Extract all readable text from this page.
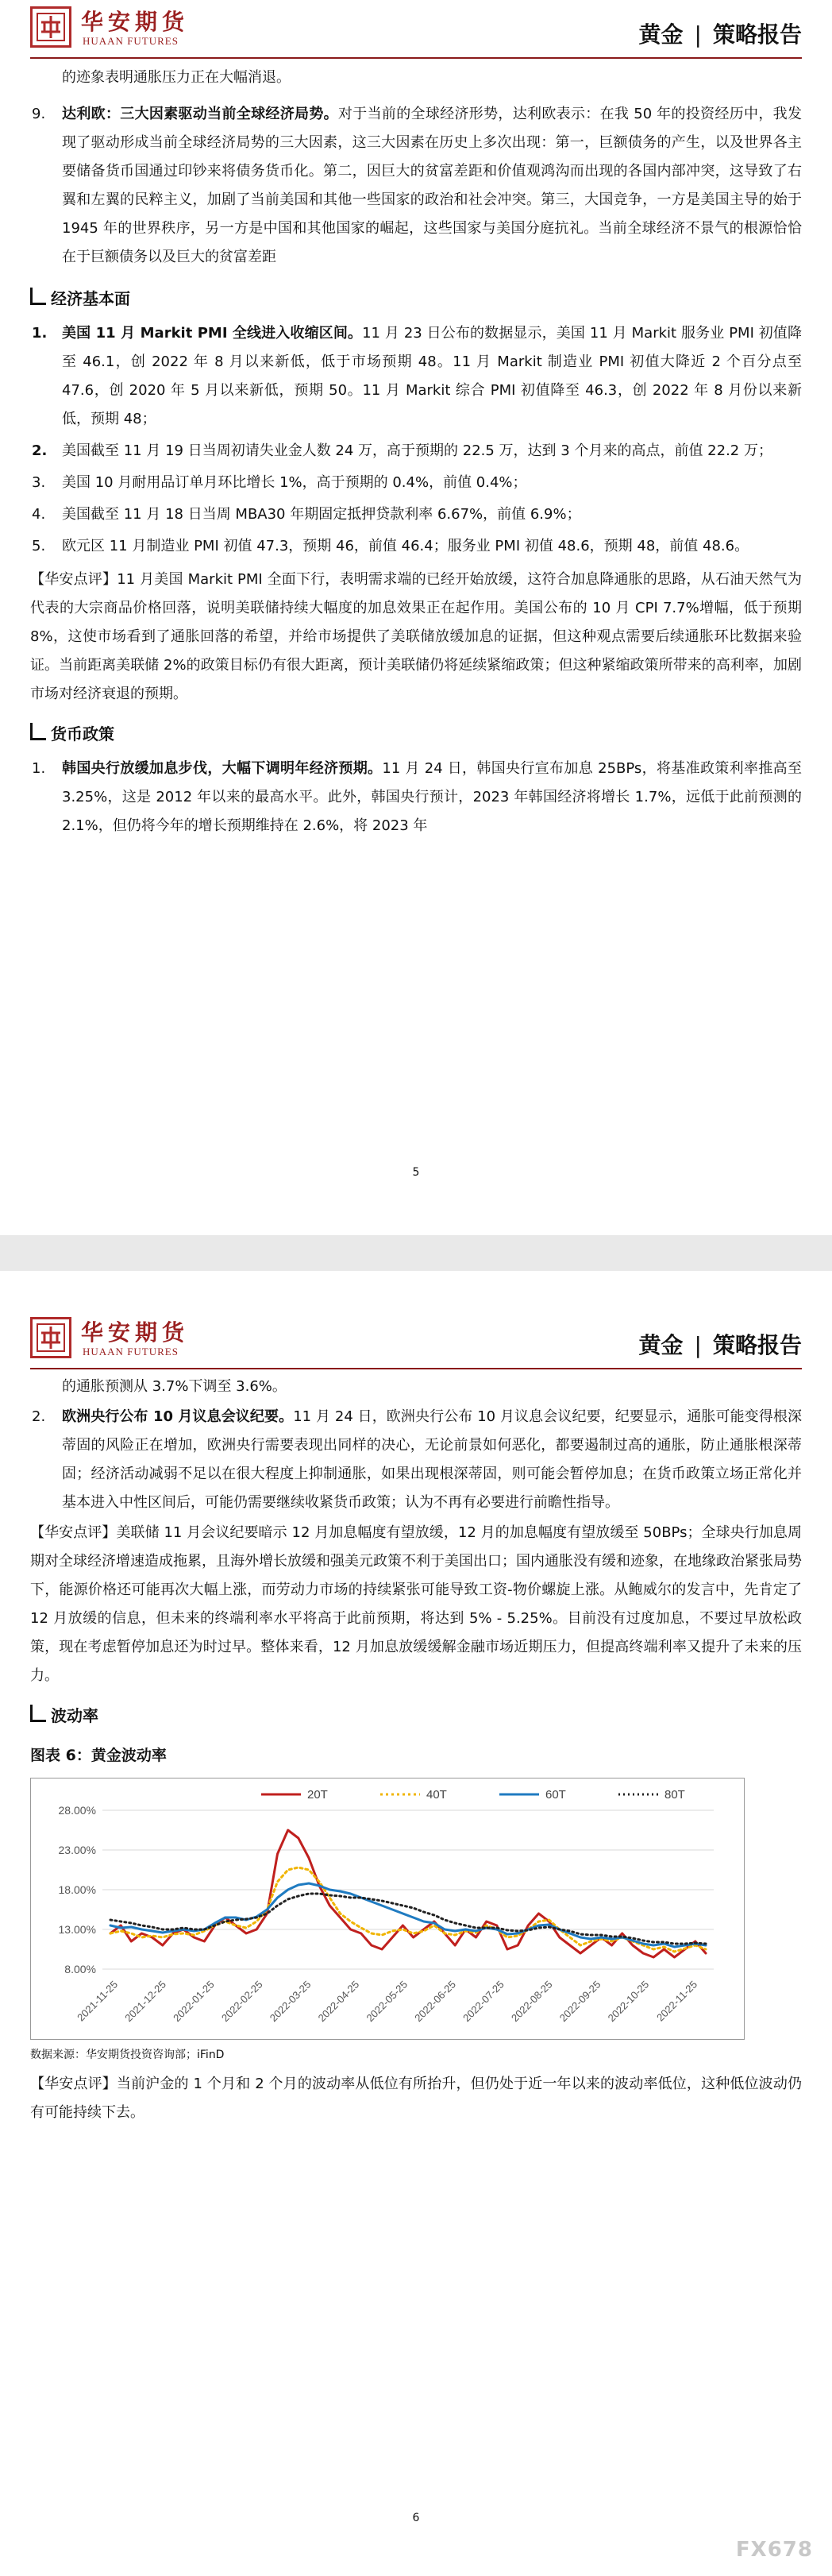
华安期货
HUAAN FUTURES	黄金 | 策略报告

的迹象表明通胀压力正在大幅消退。

9.	达利欧：三大因素驱动当前全球经济局势。对于当前的全球经济形势，达利欧表示：在我 50 年的投资经历中，我发现了驱动形成当前全球经济局势的三大因素，这三大因素在历史上多次出现：第一，巨额债务的产生，以及世界各主要储备货币国通过印钞来将债务货币化。第二，因巨大的贫富差距和价值观鸿沟而出现的各国内部冲突，这导致了右翼和左翼的民粹主义，加剧了当前美国和其他一些国家的政治和社会冲突。第三，大国竞争，一方是美国主导的始于 1945 年的世界秩序，另一方是中国和其他国家的崛起，这些国家与美国分庭抗礼。当前全球经济不景气的根源恰恰在于巨额债务以及巨大的贫富差距
经济基本面
1.	美国 11 月 Markit PMI 全线进入收缩区间。11 月 23 日公布的数据显示，美国 11 月 Markit 服务业 PMI 初值降至 46.1，创 2022 年 8 月以来新低，低于市场预期 48。11 月 Markit 制造业 PMI 初值大降近 2 个百分点至 47.6，创 2020 年 5 月以来新低，预期 50。11 月 Markit 综合 PMI 初值降至 46.3，创 2022 年 8 月份以来新低，预期 48；
2.	美国截至 11 月 19 日当周初请失业金人数 24 万，高于预期的 22.5 万，达到 3 个月来的高点，前值 22.2 万；
3.	美国 10 月耐用品订单月环比增长 1%，高于预期的 0.4%，前值 0.4%；
4.	美国截至 11 月 18 日当周 MBA30 年期固定抵押贷款利率 6.67%，前值 6.9%；
5.	欧元区 11 月制造业 PMI 初值 47.3，预期 46，前值 46.4；服务业 PMI 初值 48.6，预期 48，前值 48.6。

【华安点评】11 月美国 Markit PMI 全面下行，表明需求端的已经开始放缓，这符合加息降通胀的思路，从石油天然气为代表的大宗商品价格回落，说明美联储持续大幅度的加息效果正在起作用。美国公布的 10 月 CPI 7.7%增幅，低于预期 8%，这使市场看到了通胀回落的希望，并给市场提供了美联储放缓加息的证据，但这种观点需要后续通胀环比数据来验证。当前距离美联储 2%的政策目标仍有很大距离，预计美联储仍将延续紧缩政策；但这种紧缩政策所带来的高利率，加剧市场对经济衰退的预期。

货币政策
1.	韩国央行放缓加息步伐，大幅下调明年经济预期。11 月 24 日，韩国央行宣布加息 25BPs，将基准政策利率推高至 3.25%，这是 2012 年以来的最高水平。此外，韩国央行预计，2023 年韩国经济将增长 1.7%，远低于此前预测的 2.1%，但仍将今年的增长预期维持在 2.6%，将 2023 年
5
华安期货
HUAAN FUTURES	黄金 | 策略报告

的通胀预测从 3.7%下调至 3.6%。

2.	欧洲央行公布 10 月议息会议纪要。11 月 24 日，欧洲央行公布 10 月议息会议纪要，纪要显示，通胀可能变得根深蒂固的风险正在增加，欧洲央行需要表现出同样的决心，无论前景如何恶化，都要遏制过高的通胀，防止通胀根深蒂固；经济活动减弱不足以在很大程度上抑制通胀，如果出现根深蒂固，则可能会暂停加息；在货币政策立场正常化并基本进入中性区间后，可能仍需要继续收紧货币政策；认为不再有必要进行前瞻性指导。

【华安点评】美联储 11 月会议纪要暗示 12 月加息幅度有望放缓，12 月的加息幅度有望放缓至 50BPs；全球央行加息周期对全球经济增速造成拖累，且海外增长放缓和强美元政策不利于美国出口；国内通胀没有缓和迹象，在地缘政治紧张局势下，能源价格还可能再次大幅上涨，而劳动力市场的持续紧张可能导致工资-物价螺旋上涨。从鲍威尔的发言中，先肯定了 12 月放缓的信息，但未来的终端利率水平将高于此前预期，将达到 5% - 5.25%。目前没有过度加息，不要过早放松政策，现在考虑暂停加息还为时过早。整体来看，12 月加息放缓缓解金融市场近期压力，但提高终端利率又提升了未来的压力。

波动率
图表 6：黄金波动率
28.00%
23.00%
18.00%
13.00%
8.00%
2021-11-25 2021-12-25 2022-01-25 2022-02-25 2022-03-25 2022-04-25 2022-05-25 2022-06-25 2022-07-25 2022-08-25 2022-09-25 2022-10-25 2022-11-25
20T	40T	60T	80T
数据来源：华安期货投资咨询部；iFinD

【华安点评】当前沪金的 1 个月和 2 个月的波动率从低位有所抬升，但仍处于近一年以来的波动率低位，这种低位波动仍有可能持续下去。

6
FX678
